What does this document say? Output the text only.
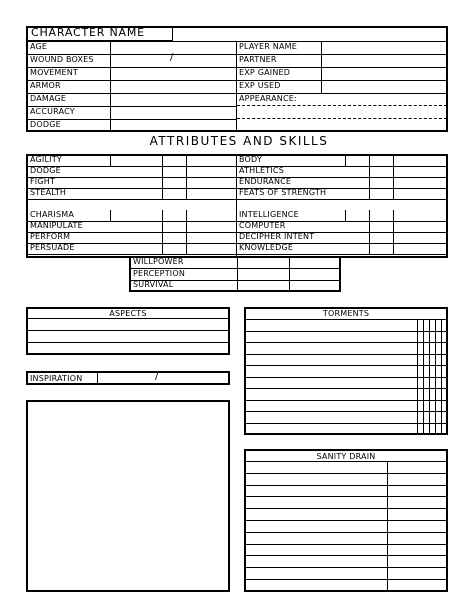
CHARACTER NAME
AGE
WOUND BOXES
MOVEMENT
ARMOR
DAMAGE
ACCURACY
DODGE
PLAYER NAME
PARTNER
EXP GAINED
EXP USED
APPEARANCE:
/
ATTRIBUTES AND SKILLS
AGILITY
DODGE
FIGHT
STEALTH
CHARISMA
MANIPULATE
PERFORM
PERSUADE
BODY
ATHLETICS
ENDURANCE
FEATS OF STRENGTH
INTELLIGENCE
COMPUTER
DECIPHER INTENT
KNOWLEDGE
WILLPOWER
PERCEPTION
SURVIVAL
ASPECTS
INSPIRATION	/
TORMENTS
SANITY DRAIN
